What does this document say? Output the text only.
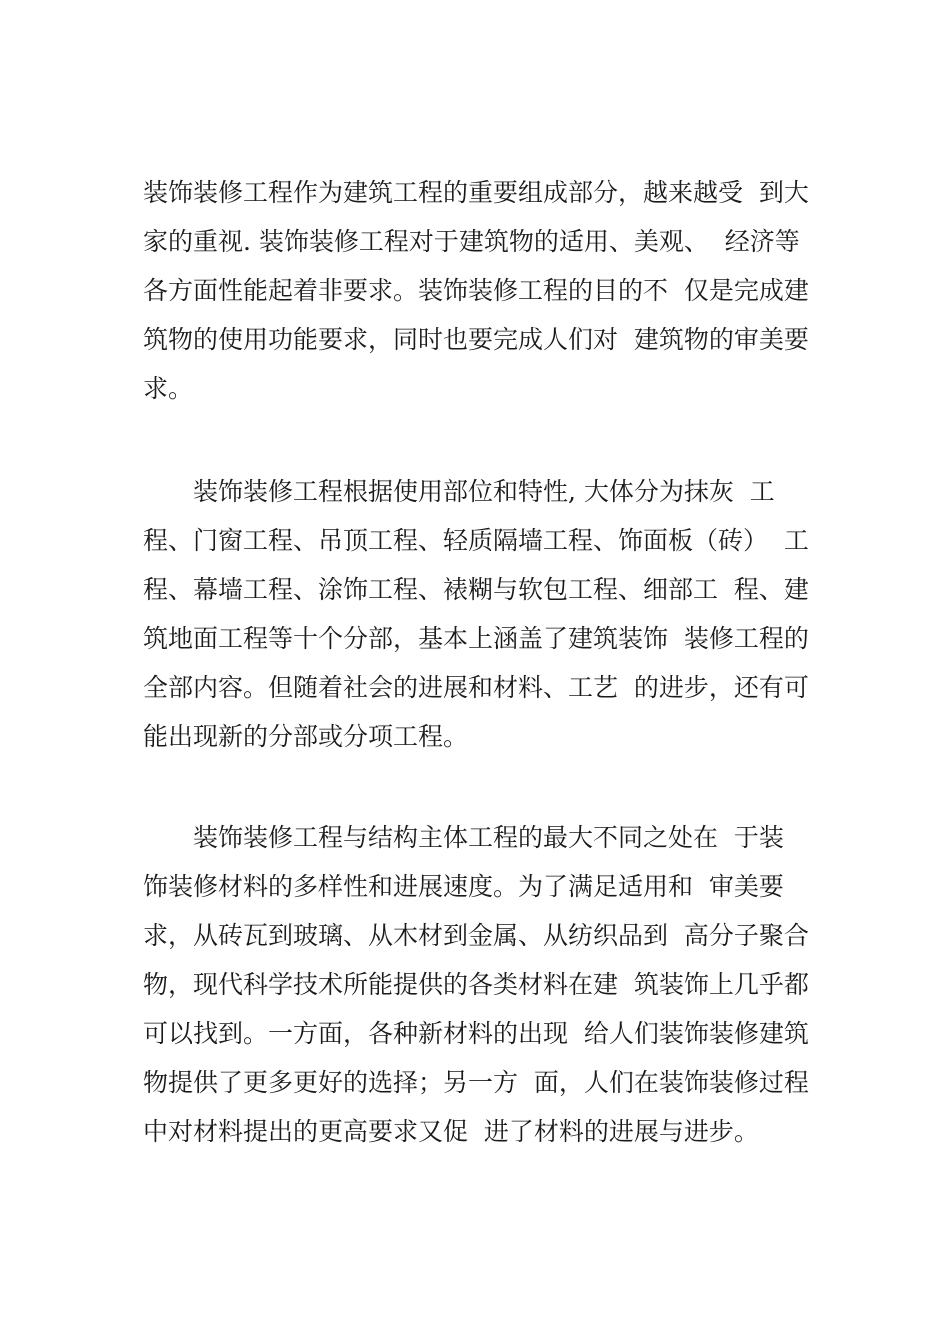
装饰装修工程作为建筑工程的重要组成部分，越来越受  到大
家的重视. 装饰装修工程对于建筑物的适用、美观、  经济等
各方面性能起着非要求。装饰装修工程的目的不  仅是完成建
筑物的使用功能要求，同时也要完成人们对  建筑物的审美要
求。
　　装饰装修工程根据使用部位和特性, 大体分为抹灰  工
程、门窗工程、吊顶工程、轻质隔墙工程、饰面板（砖）  工
程、幕墙工程、涂饰工程、裱糊与软包工程、细部工  程、建
筑地面工程等十个分部，基本上涵盖了建筑装饰  装修工程的
全部内容。但随着社会的进展和材料、工艺  的进步，还有可
能出现新的分部或分项工程。
　　装饰装修工程与结构主体工程的最大不同之处在  于装
饰装修材料的多样性和进展速度。为了满足适用和  审美要
求，从砖瓦到玻璃、从木材到金属、从纺织品到  高分子聚合
物，现代科学技术所能提供的各类材料在建  筑装饰上几乎都
可以找到。一方面，各种新材料的出现  给人们装饰装修建筑
物提供了更多更好的选择；另一方  面，人们在装饰装修过程
中对材料提出的更高要求又促  进了材料的进展与进步。
